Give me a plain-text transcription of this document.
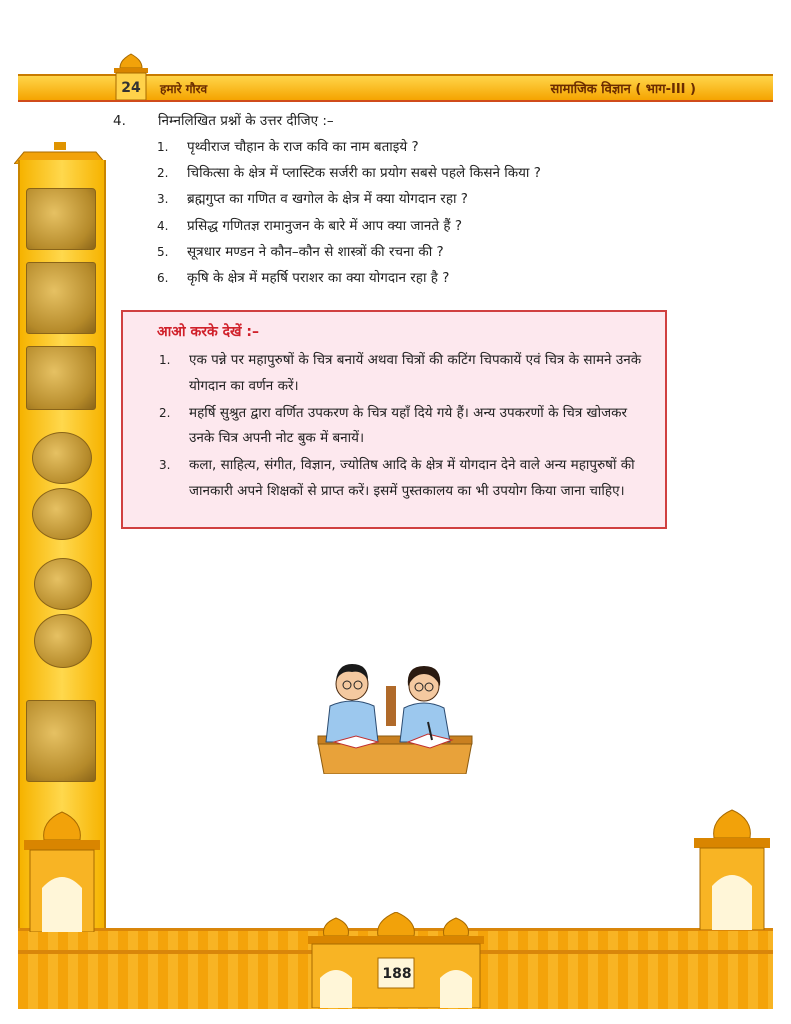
24	हमारे गौरव	सामाजिक विज्ञान ( भाग-III )
4. निम्नलिखित प्रश्नों के उत्तर दीजिए :–
1. पृथ्वीराज चौहान के राज कवि का नाम बताइये ?
2. चिकित्सा के क्षेत्र में प्लास्टिक सर्जरी का प्रयोग सबसे पहले किसने किया ?
3. ब्रह्मगुप्त का गणित व खगोल के क्षेत्र में क्या योगदान रहा ?
4. प्रसिद्ध गणितज्ञ रामानुजन के बारे में आप क्या जानते हैं ?
5. सूत्रधार मण्डन ने कौन–कौन से शास्त्रों की रचना की ?
6. कृषि के क्षेत्र में महर्षि पराशर का क्या योगदान रहा है ?
आओ करके देखें :–
1. एक पन्ने पर महापुरुषों के चित्र बनायें अथवा चित्रों की कटिंग चिपकायें एवं चित्र के सामने उनके योगदान का वर्णन करें।
2. महर्षि सुश्रुत द्वारा वर्णित उपकरण के चित्र यहाँ दिये गये हैं। अन्य उपकरणों के चित्र खोजकर उनके चित्र अपनी नोट बुक में बनायें।
3. कला, साहित्य, संगीत, विज्ञान, ज्योतिष आदि के क्षेत्र में योगदान देने वाले अन्य महापुरुषों की जानकारी अपने शिक्षकों से प्राप्त करें। इसमें पुस्तकालय का भी उपयोग किया जाना चाहिए।
188
